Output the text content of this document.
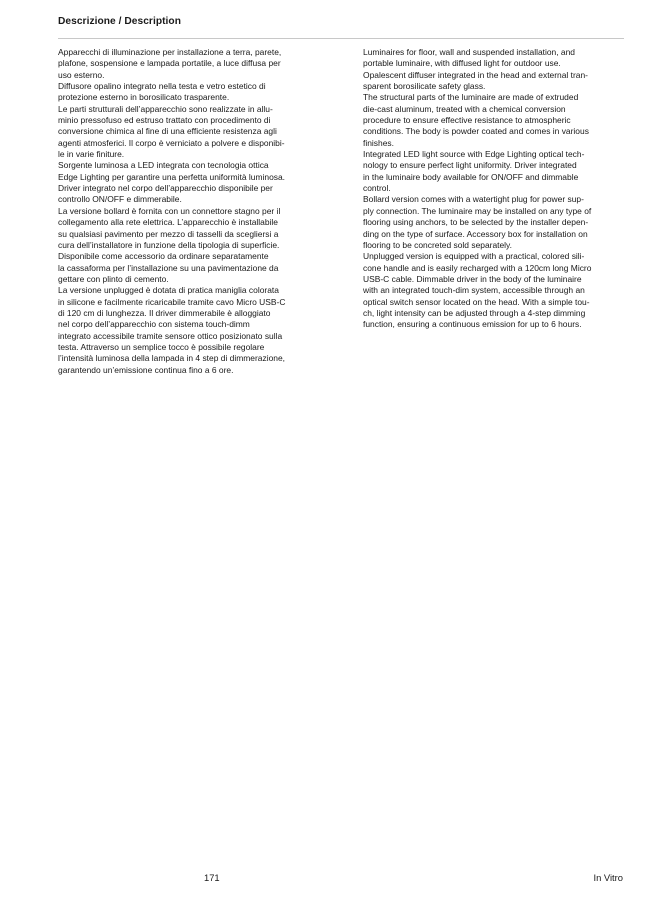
Descrizione / Description
Apparecchi di illuminazione per installazione a terra, parete,
plafone, sospensione e lampada portatile, a luce diffusa per
uso esterno.
Diffusore opalino integrato nella testa e vetro estetico di
protezione esterno in borosilicato trasparente.
Le parti strutturali dell’apparecchio sono realizzate in allu-
minio pressofuso ed estruso trattato con procedimento di
conversione chimica al fine di una efficiente resistenza agli
agenti atmosferici. Il corpo è verniciato a polvere e disponibi-
le in varie finiture.
Sorgente luminosa a LED integrata con tecnologia ottica
Edge Lighting per garantire una perfetta uniformità luminosa.
Driver integrato nel corpo dell’apparecchio disponibile per
controllo ON/OFF e dimmerabile.
La versione bollard è fornita con un connettore stagno per il
collegamento alla rete elettrica. L’apparecchio è installabile
su qualsiasi pavimento per mezzo di tasselli da scegliersi a
cura dell’installatore in funzione della tipologia di superficie.
Disponibile come accessorio da ordinare separatamente
la cassaforma per l’installazione su una pavimentazione da
gettare con plinto di cemento.
La versione unplugged è dotata di pratica maniglia colorata
in silicone e facilmente ricaricabile tramite cavo Micro USB-C
di 120 cm di lunghezza. Il driver dimmerabile è alloggiato
nel corpo dell’apparecchio con sistema touch-dimm
integrato accessibile tramite sensore ottico posizionato sulla
testa. Attraverso un semplice tocco è possibile regolare
l’intensità luminosa della lampada in 4 step di dimmerazione,
garantendo un’emissione continua fino a 6 ore.
Luminaires for floor, wall and suspended installation, and
portable luminaire, with diffused light for outdoor use.
Opalescent diffuser integrated in the head and external tran-
sparent borosilicate safety glass.
The structural parts of the luminaire are made of extruded
die-cast aluminum, treated with a chemical conversion
procedure to ensure effective resistance to atmospheric
conditions. The body is powder coated and comes in various
finishes.
Integrated LED light source with Edge Lighting optical tech-
nology to ensure perfect light uniformity. Driver integrated
in the luminaire body available for ON/OFF and dimmable
control.
Bollard version comes with a watertight plug for power sup-
ply connection. The luminaire may be installed on any type of
flooring using anchors, to be selected by the installer depen-
ding on the type of surface. Accessory box for installation on
flooring to be concreted sold separately.
Unplugged version is equipped with a practical, colored sili-
cone handle and is easily recharged with a 120cm long Micro
USB-C cable. Dimmable driver in the body of the luminaire
with an integrated touch-dim system, accessible through an
optical switch sensor located on the head. With a simple tou-
ch, light intensity can be adjusted through a 4-step dimming
function, ensuring a continuous emission for up to 6 hours.
171	In Vitro
